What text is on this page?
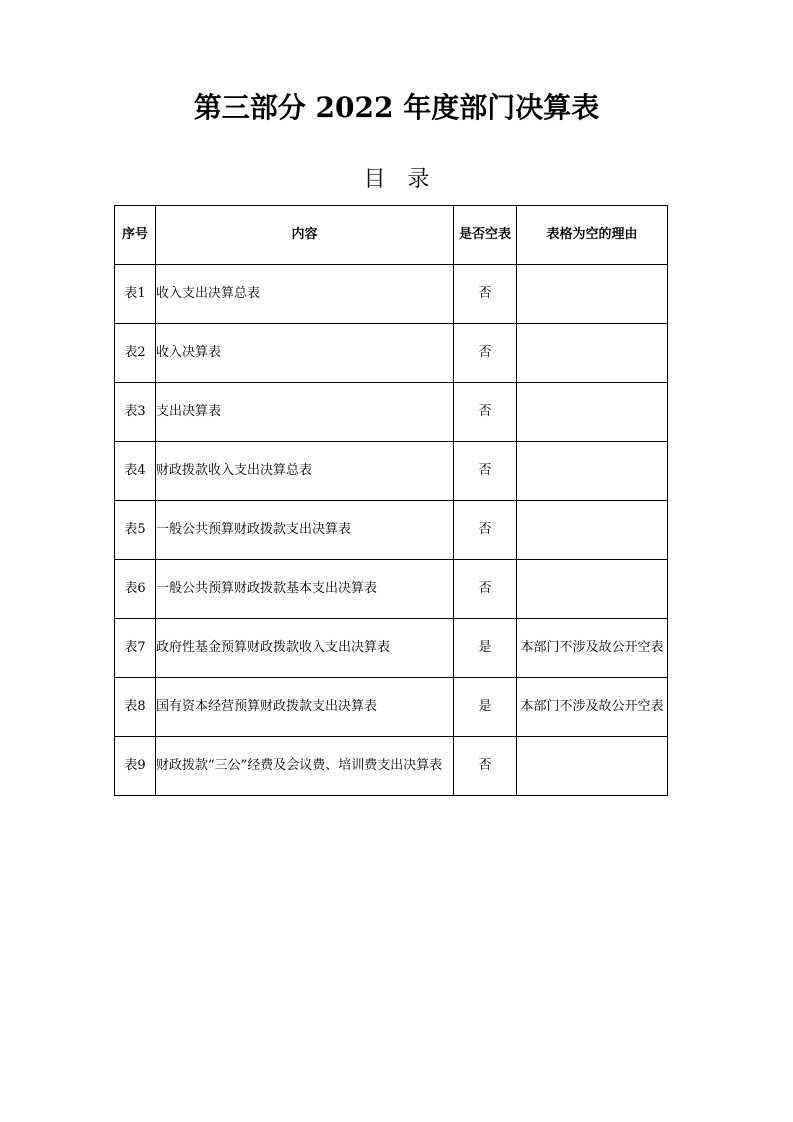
第三部分 2022 年度部门决算表
目 录
序号	内容	是否空表	表格为空的理由
表1	收入支出决算总表	否	
表2	收入决算表	否	
表3	支出决算表	否	
表4	财政拨款收入支出决算总表	否	
表5	一般公共预算财政拨款支出决算表	否	
表6	一般公共预算财政拨款基本支出决算表	否	
表7	政府性基金预算财政拨款收入支出决算表	是	本部门不涉及故公开空表
表8	国有资本经营预算财政拨款支出决算表	是	本部门不涉及故公开空表
表9	财政拨款“三公”经费及会议费、培训费支出决算表	否	
